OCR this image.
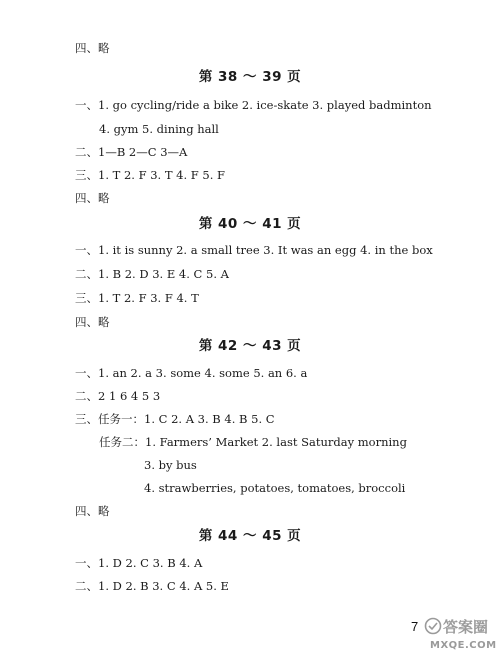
四、略
第 38 ～ 39 页
一、1. go cycling/ride a bike 2. ice-skate 3. played badminton
4. gym 5. dining hall
二、1—B 2—C 3—A
三、1. T 2. F 3. T 4. F 5. F
四、略
第 40 ～ 41 页
一、1. it is sunny 2. a small tree 3. It was an egg 4. in the box
二、1. B 2. D 3. E 4. C 5. A
三、1. T 2. F 3. F 4. T
四、略
第 42 ～ 43 页
一、1. an 2. a 3. some 4. some 5. an 6. a
二、2 1 6 4 5 3
三、任务一：1. C 2. A 3. B 4. B 5. C
任务二：1. Farmers’ Market 2. last Saturday morning
3. by bus
4. strawberries, potatoes, tomatoes, broccoli
四、略
第 44 ～ 45 页
一、1. D 2. C 3. B 4. A
二、1. D 2. B 3. C 4. A 5. E
7 答案圈
MXQE.COM
